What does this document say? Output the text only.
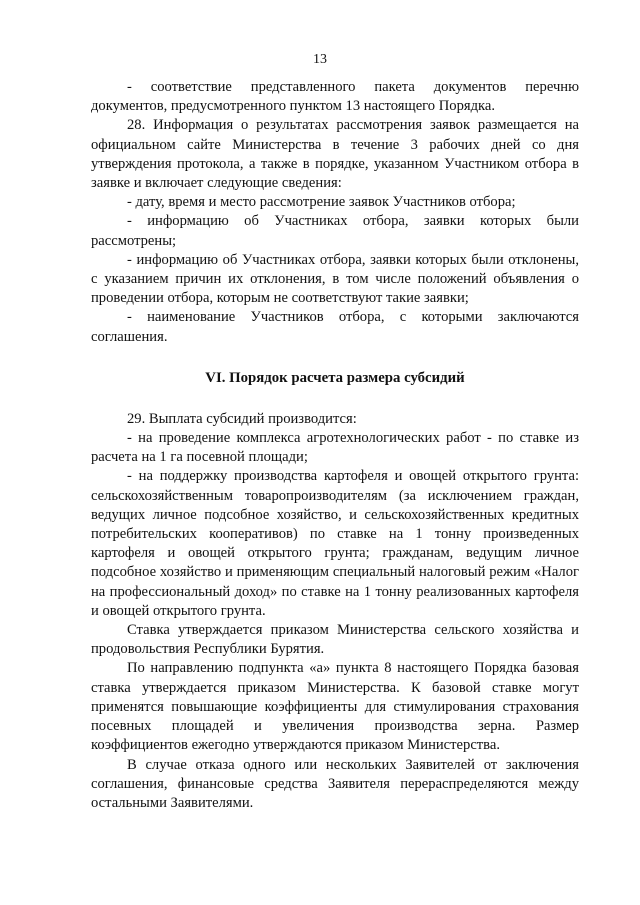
13

- соответствие представленного пакета документов перечню документов, предусмотренного пунктом 13 настоящего Порядка.

28. Информация о результатах рассмотрения заявок размещается на официальном сайте Министерства в течение 3 рабочих дней со дня утверждения протокола, а также в порядке, указанном Участником отбора в заявке и включает следующие сведения:

- дату, время и место рассмотрение заявок Участников отбора;

- информацию об Участниках отбора, заявки которых были рассмотрены;

- информацию об Участниках отбора, заявки которых были отклонены, с указанием причин их отклонения, в том числе положений объявления о проведении отбора, которым не соответствуют такие заявки;

- наименование Участников отбора, с которыми заключаются соглашения.

VI. Порядок расчета размера субсидий

29. Выплата субсидий производится:

- на проведение комплекса агротехнологических работ - по ставке из расчета на 1 га посевной площади;

- на поддержку производства картофеля и овощей открытого грунта: сельскохозяйственным товаропроизводителям (за исключением граждан, ведущих личное подсобное хозяйство, и сельскохозяйственных кредитных потребительских кооперативов) по ставке на 1 тонну произведенных картофеля и овощей открытого грунта; гражданам, ведущим личное подсобное хозяйство и применяющим специальный налоговый режим «Налог на профессиональный доход» по ставке на 1 тонну реализованных картофеля и овощей открытого грунта.

Ставка утверждается приказом Министерства сельского хозяйства и продовольствия Республики Бурятия.

По направлению подпункта «а» пункта 8 настоящего Порядка базовая ставка утверждается приказом Министерства. К базовой ставке могут применятся повышающие коэффициенты для стимулирования страхования посевных площадей и увеличения производства зерна. Размер коэффициентов ежегодно утверждаются приказом Министерства.

В случае отказа одного или нескольких Заявителей от заключения соглашения, финансовые средства Заявителя перераспределяются между остальными Заявителями.
